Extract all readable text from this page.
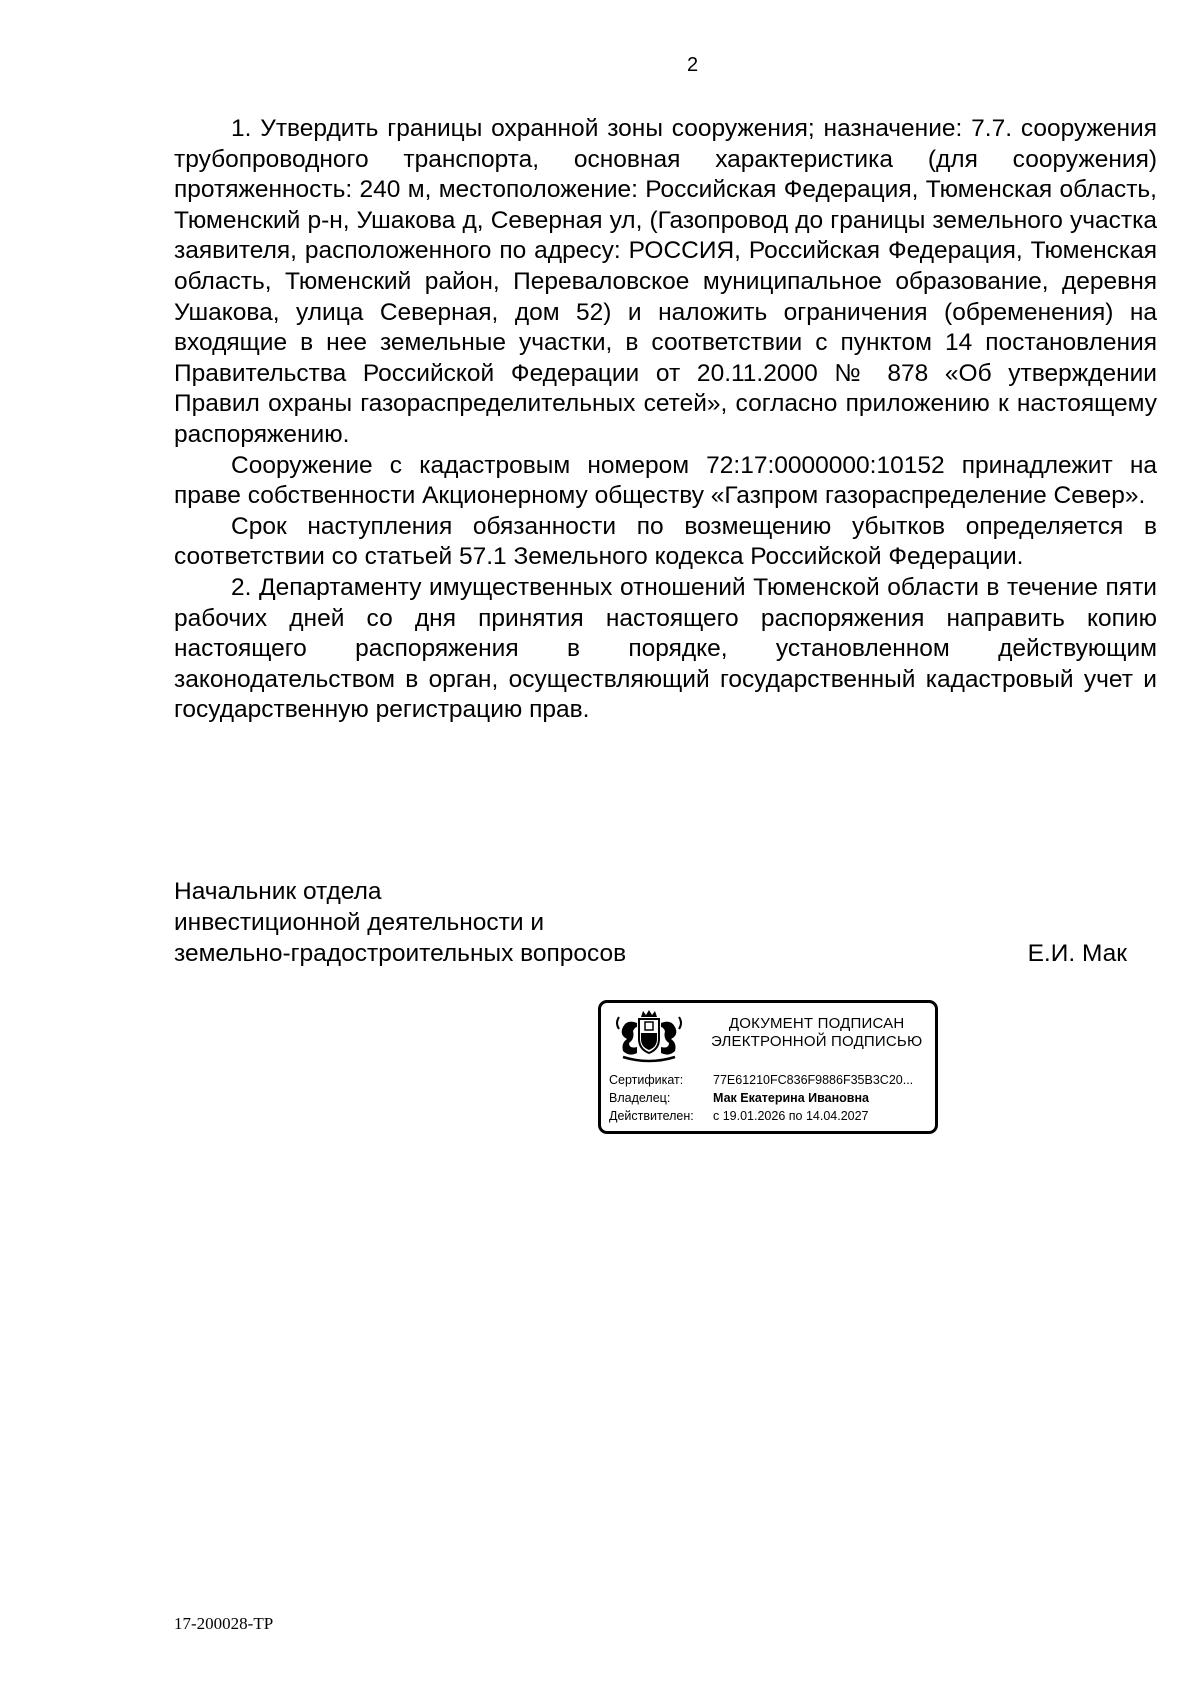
2

1. Утвердить границы охранной зоны сооружения; назначение: 7.7. сооружения трубопроводного транспорта, основная характеристика (для сооружения) протяженность: 240 м, местоположение: Российская Федерация, Тюменская область, Тюменский р-н, Ушакова д, Северная ул, (Газопровод до границы земельного участка заявителя, расположенного по адресу: РОССИЯ, Российская Федерация, Тюменская область, Тюменский район, Переваловское муниципальное образование, деревня Ушакова, улица Северная, дом 52) и наложить ограничения (обременения) на входящие в нее земельные участки, в соответствии с пунктом 14 постановления Правительства Российской Федерации от 20.11.2000 № 878 «Об утверждении Правил охраны газораспределительных сетей», согласно приложению к настоящему распоряжению.

Сооружение с кадастровым номером 72:17:0000000:10152 принадлежит на праве собственности Акционерному обществу «Газпром газораспределение Север».

Срок наступления обязанности по возмещению убытков определяется в соответствии со статьей 57.1 Земельного кодекса Российской Федерации.

2. Департаменту имущественных отношений Тюменской области в течение пяти рабочих дней со дня принятия настоящего распоряжения направить копию настоящего распоряжения в порядке, установленном действующим законодательством в орган, осуществляющий государственный кадастровый учет и государственную регистрацию прав.

Начальник отдела
инвестиционной деятельности и
земельно-градостроительных вопросов	Е.И. Мак
ДОКУМЕНТ ПОДПИСАН
ЭЛЕКТРОННОЙ ПОДПИСЬЮ
Сертификат: 77E61210FC836F9886F35B3C20...
Владелец:	Мак Екатерина Ивановна
Действителен: с 19.01.2026 по 14.04.2027
17-200028-ТР
